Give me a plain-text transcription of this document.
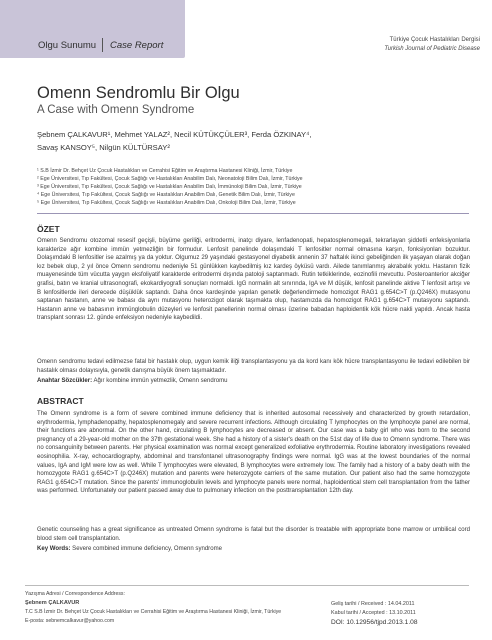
Olgu Sunumu Case Report	Türkiye Çocuk Hastalıkları Dergisi
Turkish Journal of Pediatric Disease
Omenn Sendromlu Bir Olgu
A Case with Omenn Syndrome
Şebnem ÇALKAVUR¹, Mehmet YALAZ², Necil KÜTÜKÇÜLER³, Ferda ÖZKINAY⁴,
Savaş KANSOY⁵, Nilgün KÜLTÜRSAY²
¹ S.B İzmir Dr. Behçet Uz Çocuk Hastalıkları ve Cerrahisi Eğitim ve Araştırma Hastanesi Kliniği, İzmir, Türkiye
² Ege Üniversitesi, Tıp Fakültesi, Çocuk Sağlığı ve Hastalıkları Anabilim Dalı, Neonatoloji Bilim Dalı, İzmir, Türkiye
³ Ege Üniversitesi, Tıp Fakültesi, Çocuk Sağlığı ve Hastalıkları Anabilim Dalı, İmmünoloji Bilim Dalı, İzmir, Türkiye
⁴ Ege Üniversitesi, Tıp Fakültesi, Çocuk Sağlığı ve Hastalıkları Anabilim Dalı, Genetik Bilim Dalı, İzmir, Türkiye
⁵ Ege Üniversitesi, Tıp Fakültesi, Çocuk Sağlığı ve Hastalıkları Anabilim Dalı, Onkoloji Bilim Dalı, İzmir, Türkiye
ÖZET
Omenn Sendromu otozomal resesif geçişli, büyüme geriliği, eritrodermi, inatçı diyare, lenfadenopati, hepatosplenomegali, tekrarlayan şiddetli enfeksiyonlarla karakterize ağır kombine immün yetmezliğin bir formudur. Lenfosit panelinde dolaşımdaki T lenfositler normal olmasına karşın, fonksiyonları bozuktur. Dolaşımdaki B lenfositler ise azalmış ya da yoktur. Olgumuz 29 yaşındaki gestasyonel diyabetik annenin 37 haftalık ikinci gebeliğinden ilk yaşayan olarak doğan kız bebek olup, 2 yıl önce Omenn sendromu nedeniyle 51 günlükken kaybedilmiş kız kardeş öyküsü vardı. Ailede tanımlanmış akrabalık yoktu. Hastanın fizik muayenesinde tüm vücutta yaygın eksfoliyatif karakterde eritrodermi dışında patoloji saptanmadı. Rutin tetkiklerinde, eozinofili mevcuttu. Posteroanterior akciğer grafisi, batın ve kranial ultrasonografi, ekokardiyografi sonuçları normaldi. IgG normalin alt sınırında, IgA ve M düşük, lenfosit panelinde aktive T lenfosit artışı ve B lenfositlerde ileri derecede düşüklük saptandı. Daha önce kardeşinde yapılan genetik değerlendirmede homozigot RAG1 g.654C>T (p.Q246X) mutasyonu saptanan hastanın, anne ve babası da aynı mutasyonu heterozigot olarak taşımakta olup, hastamızda da homozigot RAG1 g.654C>T mutasyonu saptandı. Hastanın anne ve babasının immünglobulin düzeyleri ve lenfosit panellerinin normal olması üzerine babadan haploidentik kök hücre nakli yapıldı. Ancak hasta transplant sonrası 12. günde enfeksiyon nedeniyle kaybedildi.
Omenn sendromu tedavi edilmezse fatal bir hastalık olup, uygun kemik iliği transplantasyonu ya da kord kanı kök hücre transplantasyonu ile tedavi edilebilen bir hastalık olması dolayısıyla, genetik danışma büyük önem taşımaktadır.
Anahtar Sözcükler: Ağır kombine immün yetmezlik, Omenn sendromu
ABSTRACT
The Omenn syndrome is a form of severe combined immune deficiency that is inherited autosomal recessively and characterized by growth retardation, erythrodermia, lymphadenopathy, hepatosplenomegaly and severe recurrent infections. Although circulating T lymphocytes on the lymphocyte panel are normal, their functions are abnormal. On the other hand, circulating B lymphocytes are decreased or absent. Our case was a baby girl who was born to the second pregnancy of a 29-year-old mother on the 37th gestational week. She had a history of a sister's death on the 51st day of life due to Omenn syndrome. There was no consanguinity between parents. Her physical examination was normal except generalized exfoliative erythrodermia. Routine laboratory investigations revealed eosinophilia. X-ray, echocardiography, abdominal and transfontanel ultrasonography findings were normal. IgG was at the lowest boundaries of the normal values, IgA and IgM were low as well. While T lymphocytes were elevated, B lymphocytes were extremely low. The family had a history of a baby death with the homozygote RAG1 g.654C>T (p.Q246X) mutation and parents were heterozygote carriers of the same mutation. Our patient also had the same homozygote RAG1 g.654C>T mutation. Since the parents' immunoglobulin levels and lymphocyte panels were normal, haploidentical stem cell transplantation from the father was performed. Unfortunately our patient passed away due to pulmonary infection on the posttransplantation 12th day.
Genetic counseling has a great significance as untreated Omenn syndrome is fatal but the disorder is treatable with appropriate bone marrow or umbilical cord blood stem cell transplantation.
Key Words: Severe combined immune deficiency, Omenn syndrome
Yazışma Adresi / Correspondence Address:
Şebnem ÇALKAVUR
T.C S.B İzmir Dr. Behçet Uz Çocuk Hastalıkları ve Cerrahisi Eğitim ve Araştırma Hastanesi Kliniği, İzmir, Türkiye
E-posta: sebnemcalkavur@yahoo.com
Geliş tarihi / Received : 14.04.2011
Kabul tarihi / Accepted : 13.10.2011
DOI: 10.12956/tjpd.2013.1.08
